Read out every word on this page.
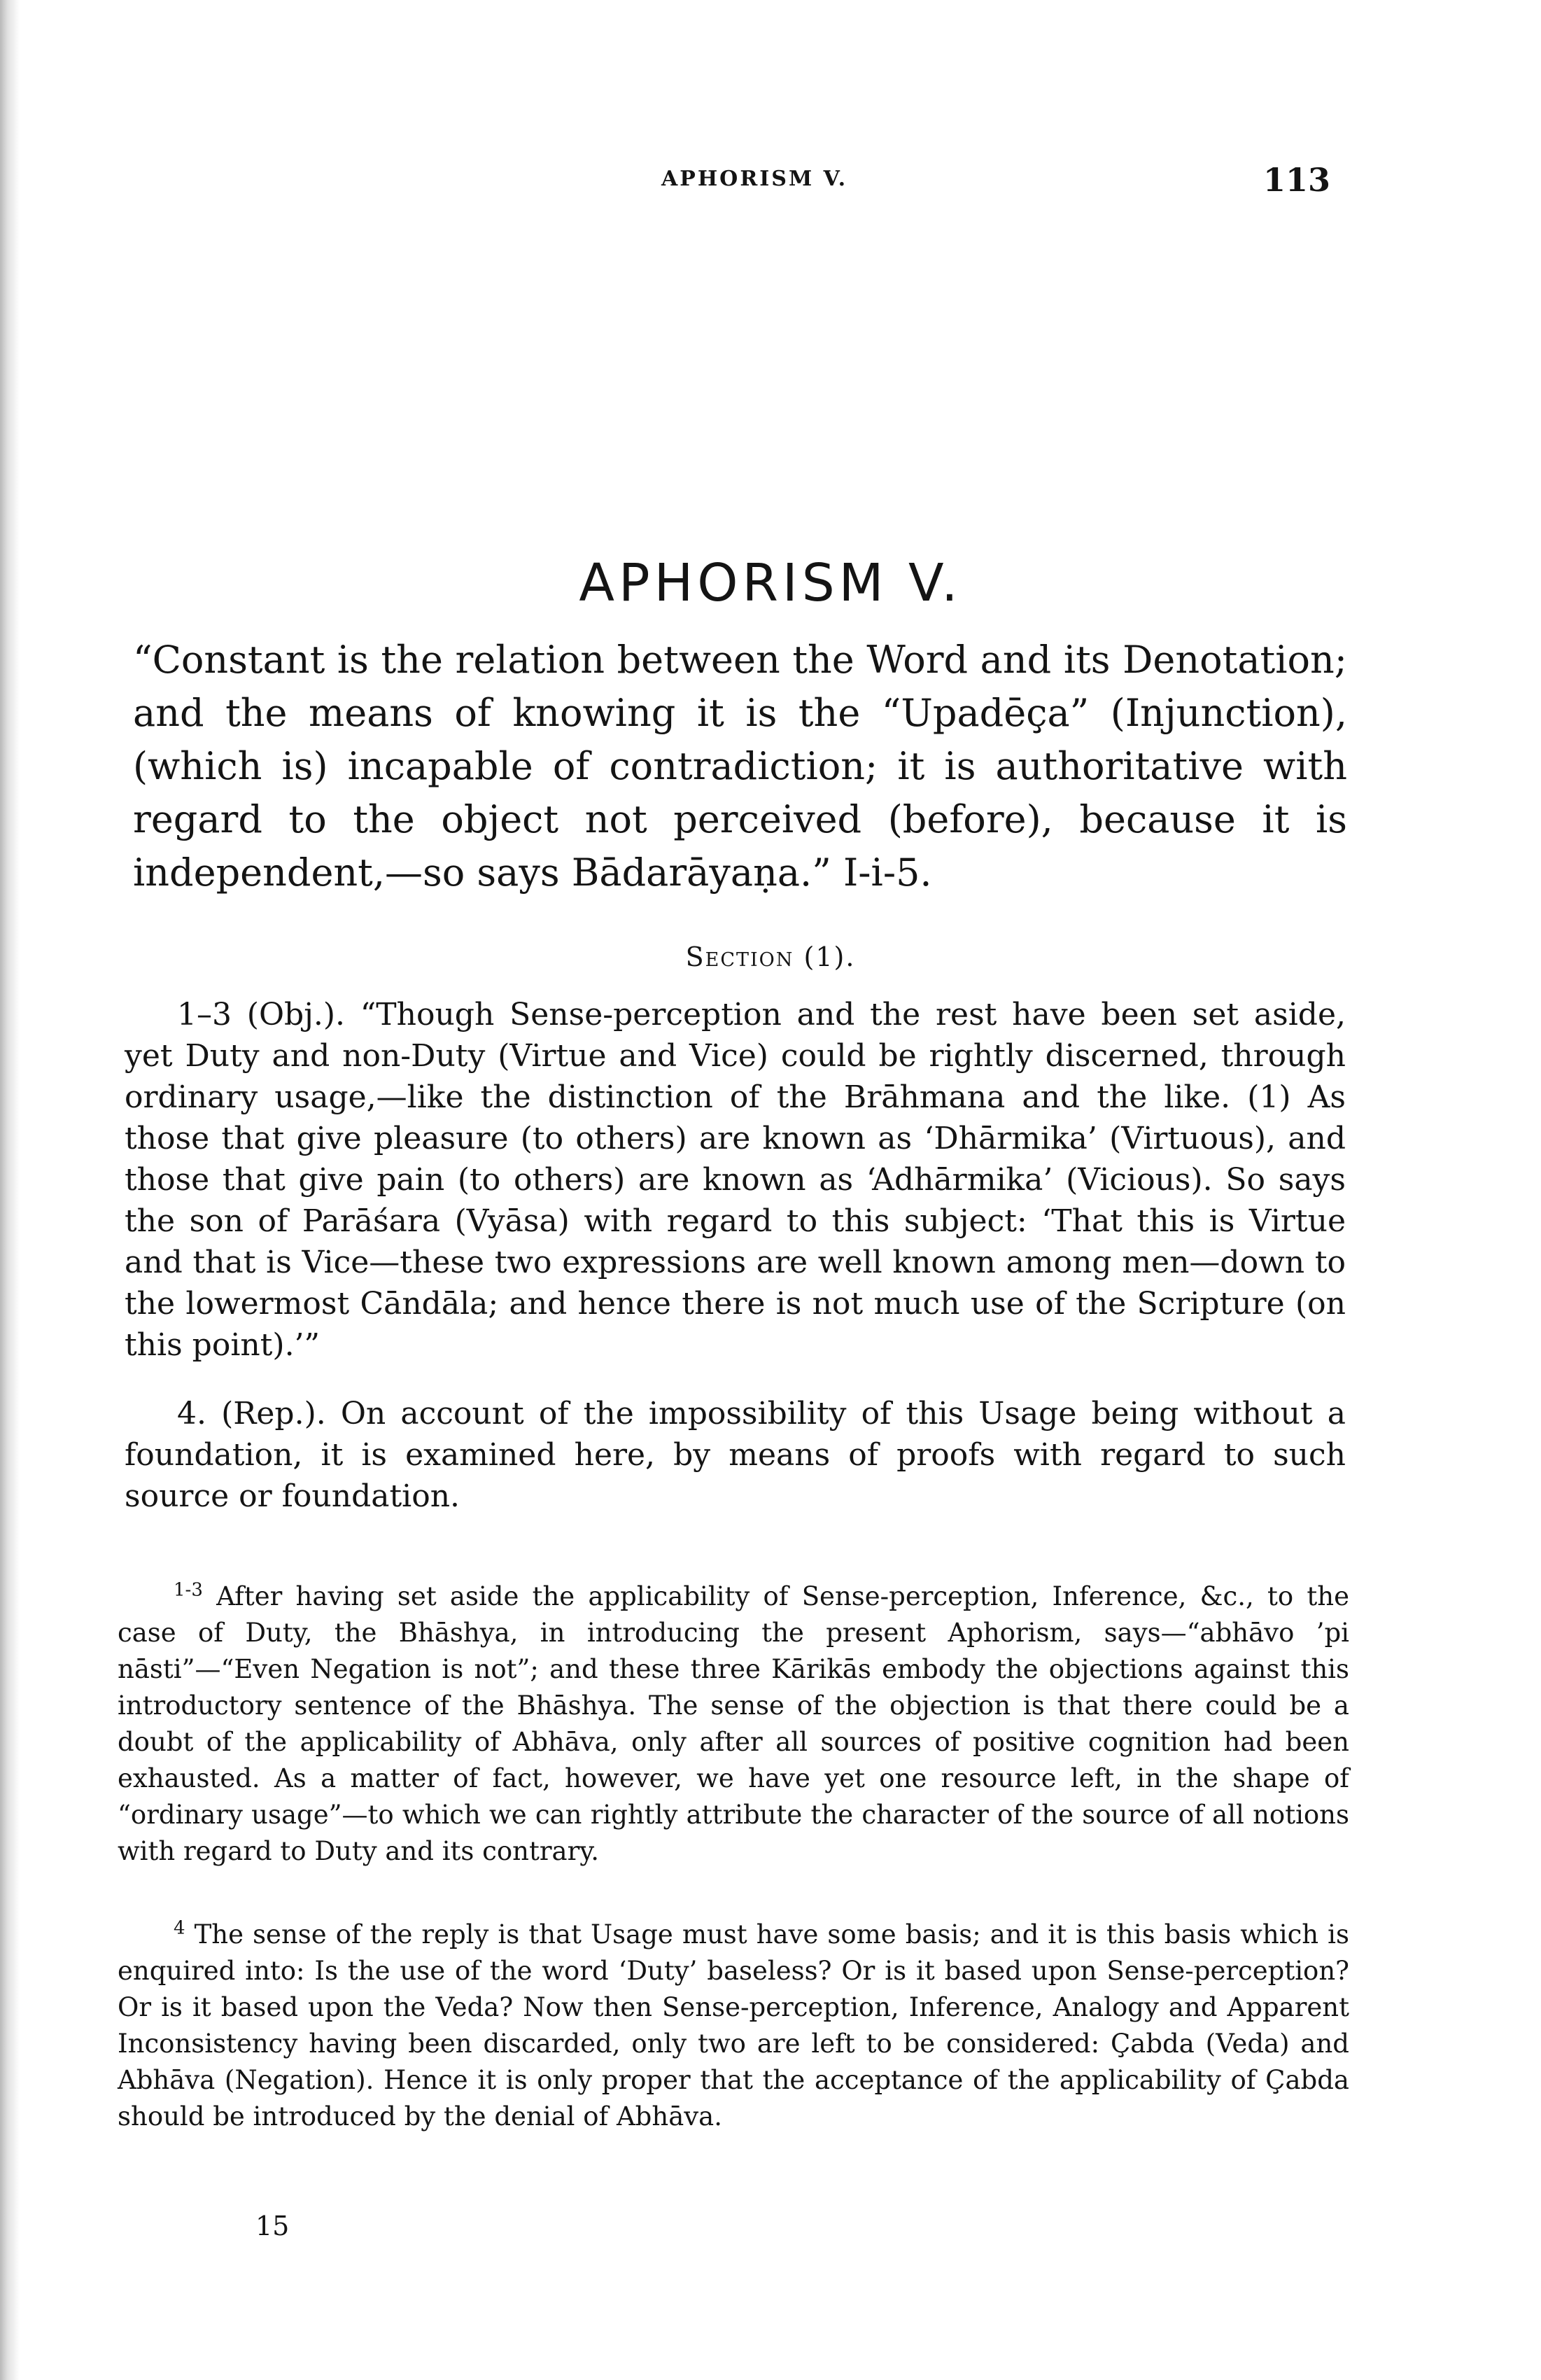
APHORISM V.	113
APHORISM V.

“Constant is the relation between the Word and its Denotation; and the means of knowing it is the “Upadēça” (Injunction), (which is) incapable of contradiction; it is authoritative with regard to the object not perceived (before), because it is independent,—so says Bādarāyaṇa.” I-i-5.

Section (1).

1–3 (Obj.). “Though Sense-perception and the rest have been set aside, yet Duty and non-Duty (Virtue and Vice) could be rightly discerned, through ordinary usage,—like the distinction of the Brāhmana and the like. (1) As those that give pleasure (to others) are known as ‘Dhārmika’ (Virtuous), and those that give pain (to others) are known as ‘Adhārmika’ (Vicious). So says the son of Parāśara (Vyāsa) with regard to this subject: ‘That this is Virtue and that is Vice—these two expressions are well known among men—down to the lowermost Cāndāla; and hence there is not much use of the Scripture (on this point).’”

4. (Rep.). On account of the impossibility of this Usage being without a foundation, it is examined here, by means of proofs with regard to such source or foundation.

$^{1-3}$ After having set aside the applicability of Sense-perception, Inference, &c., to the case of Duty, the Bhāshya, in introducing the present Aphorism, says—“abhāvo ’pi nāsti”—“Even Negation is not”; and these three Kārikās embody the objections against this introductory sentence of the Bhāshya. The sense of the objection is that there could be a doubt of the applicability of Abhāva, only after all sources of positive cognition had been exhausted. As a matter of fact, however, we have yet one resource left, in the shape of “ordinary usage”—to which we can rightly attribute the character of the source of all notions with regard to Duty and its contrary.

$^4$ The sense of the reply is that Usage must have some basis; and it is this basis which is enquired into: Is the use of the word ‘Duty’ baseless? Or is it based upon Sense-perception? Or is it based upon the Veda? Now then Sense-perception, Inference, Analogy and Apparent Inconsistency having been discarded, only two are left to be considered: Çabda (Veda) and Abhāva (Negation). Hence it is only proper that the acceptance of the applicability of Çabda should be introduced by the denial of Abhāva.

15
